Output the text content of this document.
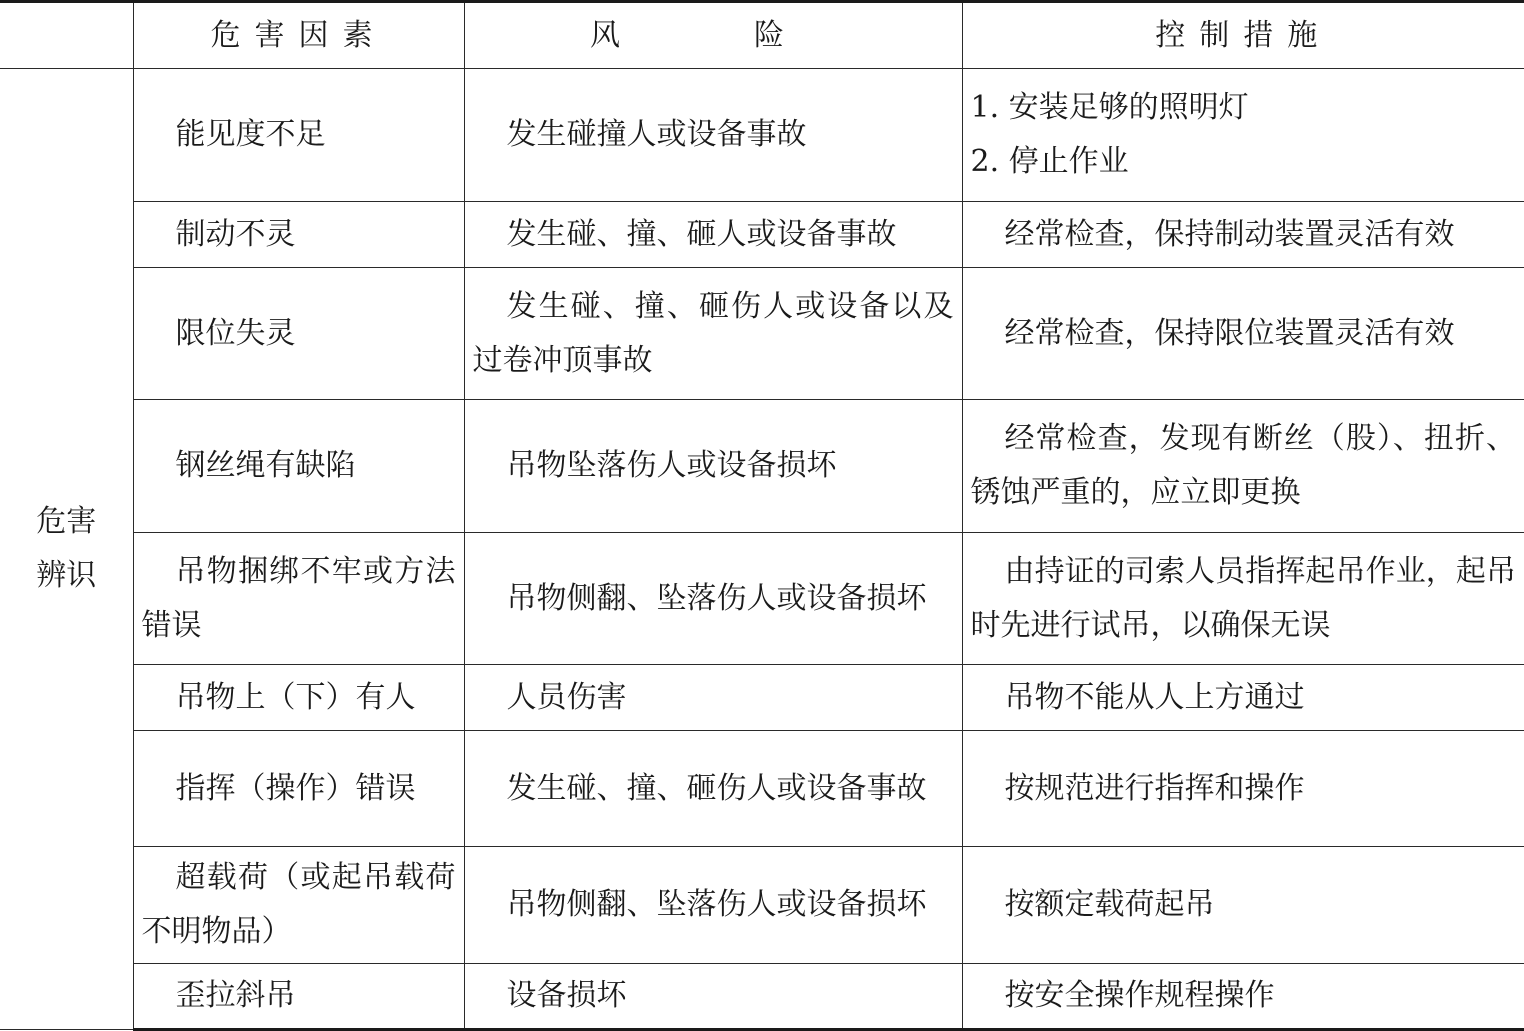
	危害因素	风　险	控制措施
危害
辨识	能见度不足	发生碰撞人或设备事故	1. 安装足够的照明灯
2. 停止作业

	制动不灵	发生碰、撞、砸人或设备事故	经常检查，保持制动装置灵活有效
	限位失灵	发生碰、撞、砸伤人或设备以及过卷冲顶事故	经常检查，保持限位装置灵活有效
	钢丝绳有缺陷	吊物坠落伤人或设备损坏	经常检查，发现有断丝（股）、扭折、锈蚀严重的，应立即更换
	吊物捆绑不牢或方法错误	吊物侧翻、坠落伤人或设备损坏	由持证的司索人员指挥起吊作业，起吊时先进行试吊，以确保无误
	吊物上（下）有人	人员伤害	吊物不能从人上方通过
	指挥（操作）错误	发生碰、撞、砸伤人或设备事故	按规范进行指挥和操作
	超载荷（或起吊载荷不明物品）	吊物侧翻、坠落伤人或设备损坏	按额定载荷起吊
	歪拉斜吊	设备损坏	按安全操作规程操作
